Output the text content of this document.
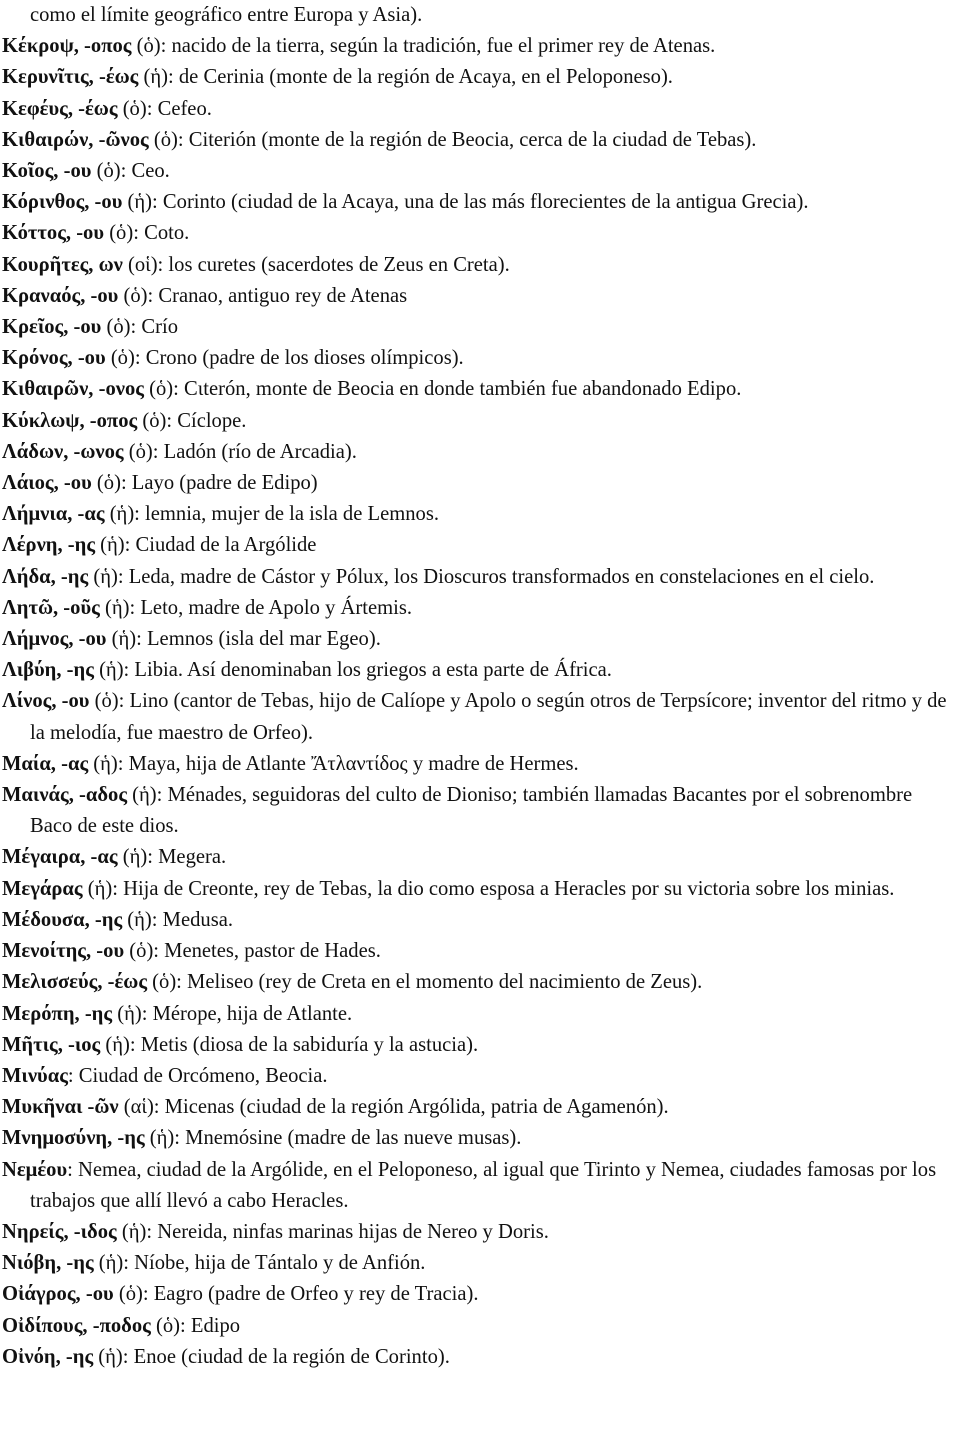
como el límite geográfico entre Europa y Asia).

Κέκροψ, -οπος (ὁ): nacido de la tierra, según la tradición, fue el primer rey de Atenas.

Κερυνῖτις, -έως (ἡ): de Cerinia (monte de la región de Acaya, en el Peloponeso).

Κεφέυς, -έως (ὁ): Cefeo.

Κιθαιρών, -ῶνος (ὁ): Citerión (monte de la región de Beocia, cerca de la ciudad de Tebas).

Κοῖος, -ου (ὁ): Ceo.

Κόρινθος, -ου (ἡ): Corinto (ciudad de la Acaya, una de las más florecientes de la antigua Grecia).

Κόττος, -ου (ὁ): Coto.

Κουρῆτες, ων (οἱ): los curetes (sacerdotes de Zeus en Creta).

Κραναός, -ου (ὁ): Cranao, antiguo rey de Atenas

Κρεῖος, -ου (ὁ): Crío

Κρόνος, -ου (ὁ): Crono (padre de los dioses olímpicos).

Κιθαιρῶν, -ονος (ὁ): Cιterón, monte de Beocia en donde también fue abandonado Edipo.

Κύκλωψ, -οπος (ὁ): Cíclope.

Λάδων, -ωνος (ὁ): Ladón (río de Arcadia).

Λάιος, -ου (ὁ): Layo (padre de Edipo)

Λήμνια, -ας (ἡ): lemnia, mujer de la isla de Lemnos.

Λέρνη, -ης (ἡ): Ciudad de la Argólide

Λήδα, -ης (ἡ): Leda, madre de Cástor y Pólux, los Dioscuros transformados en constelaciones en el cielo.

Λητῶ, -οῦς (ἡ): Leto, madre de Apolo y Ártemis.

Λήμνος, -ου (ἡ): Lemnos (isla del mar Egeo).

Λιβύη, -ης (ἡ): Libia. Así denominaban los griegos a esta parte de África.

Λίνος, -ου (ὁ): Lino (cantor de Tebas, hijo de Calíope y Apolo o según otros de Terpsícore; inventor del ritmo y de la melodía, fue maestro de Orfeo).

Μαία, -ας (ἡ): Maya, hija de Atlante Ἄτλαντίδος y madre de Hermes.

Μαινάς, -αδος (ἡ): Ménades, seguidoras del culto de Dioniso; también llamadas Bacantes por el sobrenombre Baco de este dios.

Μέγαιρα, -ας (ἡ): Megera.

Μεγάρας (ἡ): Hija de Creonte, rey de Tebas, la dio como esposa a Heracles por su victoria sobre los minias.

Μέδουσα, -ης (ἡ): Medusa.

Μενοίτης, -ου (ὁ): Menetes, pastor de Hades.

Μελισσεύς, -έως (ὁ): Meliseo (rey de Creta en el momento del nacimiento de Zeus).

Μερόπη, -ης (ἡ): Mérope, hija de Atlante.

Μῆτις, -ιος (ἡ): Metis (diosa de la sabiduría y la astucia).

Μινύας: Ciudad de Orcómeno, Beocia.

Μυκῆναι -ῶν (αἱ): Micenas (ciudad de la región Argólida, patria de Agamenón).

Μνημοσύνη, -ης (ἡ): Mnemósine (madre de las nueve musas).

Νεμέου: Nemea, ciudad de la Argólide, en el Peloponeso, al igual que Tirinto y Nemea, ciudades famosas por los trabajos que allí llevó a cabo Heracles.

Νηρείς, -ιδος (ἡ): Nereida, ninfas marinas hijas de Nereo y Doris.

Νιόβη, -ης (ἡ): Níobe, hija de Tántalo y de Anfión.

Οἰάγρος, -ου (ὁ): Eagro (padre de Orfeo y rey de Tracia).

Οἰδίπους, -ποδος (ὁ): Edipo

Οἰνόη, -ης (ἡ): Enoe (ciudad de la región de Corinto).
